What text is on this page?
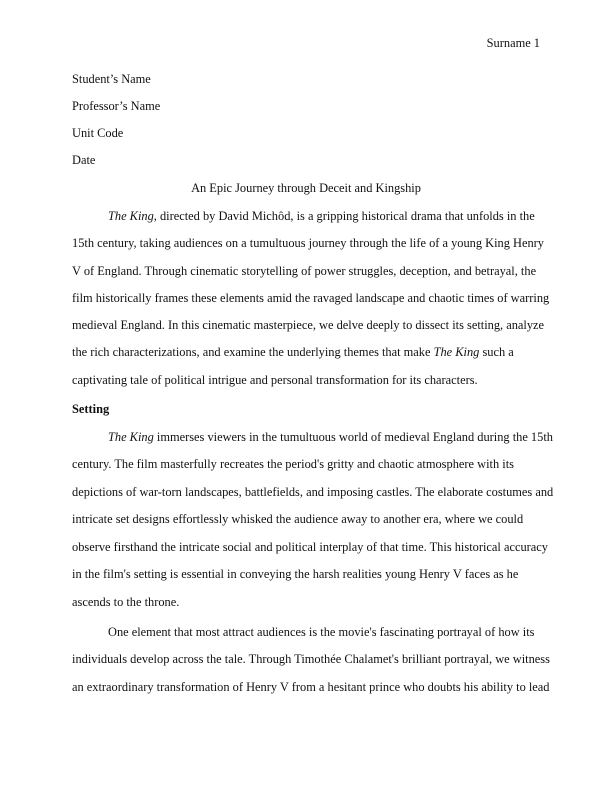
Surname 1
Student’s Name
Professor’s Name
Unit Code
Date
An Epic Journey through Deceit and Kingship
The King, directed by David Michôd, is a gripping historical drama that unfolds in the
15th century, taking audiences on a tumultuous journey through the life of a young King Henry
V of England. Through cinematic storytelling of power struggles, deception, and betrayal, the
film historically frames these elements amid the ravaged landscape and chaotic times of warring
medieval England. In this cinematic masterpiece, we delve deeply to dissect its setting, analyze
the rich characterizations, and examine the underlying themes that make The King such a
captivating tale of political intrigue and personal transformation for its characters.
Setting
The King immerses viewers in the tumultuous world of medieval England during the 15th
century. The film masterfully recreates the period's gritty and chaotic atmosphere with its
depictions of war-torn landscapes, battlefields, and imposing castles. The elaborate costumes and
intricate set designs effortlessly whisked the audience away to another era, where we could
observe firsthand the intricate social and political interplay of that time. This historical accuracy
in the film's setting is essential in conveying the harsh realities young Henry V faces as he
ascends to the throne.
One element that most attract audiences is the movie's fascinating portrayal of how its
individuals develop across the tale. Through Timothée Chalamet's brilliant portrayal, we witness
an extraordinary transformation of Henry V from a hesitant prince who doubts his ability to lead
